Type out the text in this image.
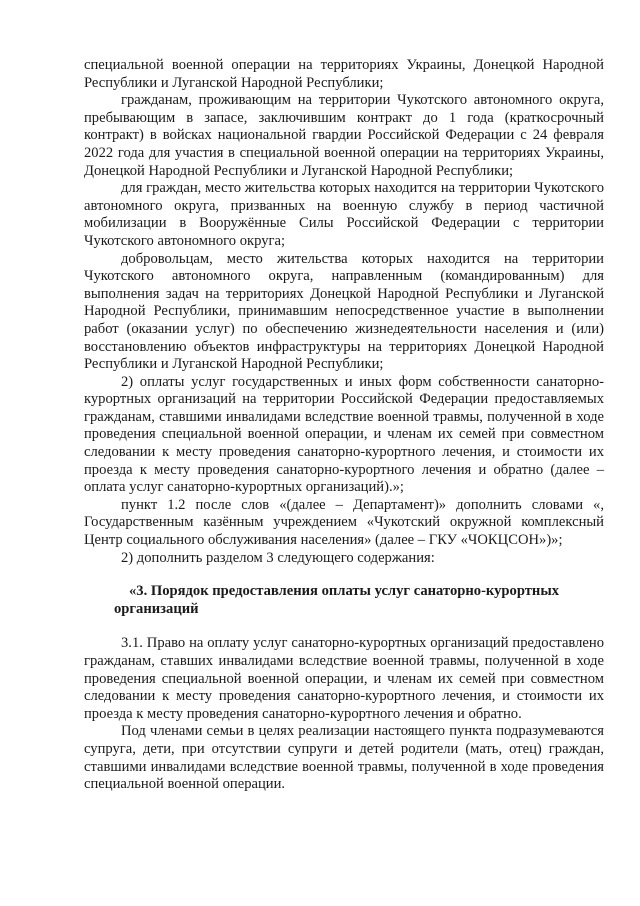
специальной военной операции на территориях Украины, Донецкой Народной Республики и Луганской Народной Республики;

гражданам, проживающим на территории Чукотского автономного округа, пребывающим в запасе, заключившим контракт до 1 года (краткосрочный контракт) в войсках национальной гвардии Российской Федерации с 24 февраля 2022 года для участия в специальной военной операции на территориях Украины, Донецкой Народной Республики и Луганской Народной Республики;

для граждан, место жительства которых находится на территории Чукотского автономного округа, призванных на военную службу в период частичной мобилизации в Вооружённые Силы Российской Федерации с территории Чукотского автономного округа;

добровольцам, место жительства которых находится на территории Чукотского автономного округа, направленным (командированным) для выполнения задач на территориях Донецкой Народной Республики и Луганской Народной Республики, принимавшим непосредственное участие в выполнении работ (оказании услуг) по обеспечению жизнедеятельности населения и (или) восстановлению объектов инфраструктуры на территориях Донецкой Народной Республики и Луганской Народной Республики;

2) оплаты услуг государственных и иных форм собственности санаторно-курортных организаций на территории Российской Федерации предоставляемых гражданам, ставшими инвалидами вследствие военной травмы, полученной в ходе проведения специальной военной операции, и членам их семей при совместном следовании к месту проведения санаторно-курортного лечения, и стоимости их проезда к месту проведения санаторно-курортного лечения и обратно (далее – оплата услуг санаторно-курортных организаций).»;

пункт 1.2 после слов «(далее – Департамент)» дополнить словами «, Государственным казённым учреждением «Чукотский окружной комплексный Центр социального обслуживания населения» (далее – ГКУ «ЧОКЦСОН»)»;

2) дополнить разделом 3 следующего содержания:

«3. Порядок предоставления оплаты услуг санаторно-курортных организаций

3.1. Право на оплату услуг санаторно-курортных организаций предоставлено гражданам, ставших инвалидами вследствие военной травмы, полученной в ходе проведения специальной военной операции, и членам их семей при совместном следовании к месту проведения санаторно-курортного лечения, и стоимости их проезда к месту проведения санаторно-курортного лечения и обратно.

Под членами семьи в целях реализации настоящего пункта подразумеваются супруга, дети, при отсутствии супруги и детей родители (мать, отец) граждан, ставшими инвалидами вследствие военной травмы, полученной в ходе проведения специальной военной операции.
